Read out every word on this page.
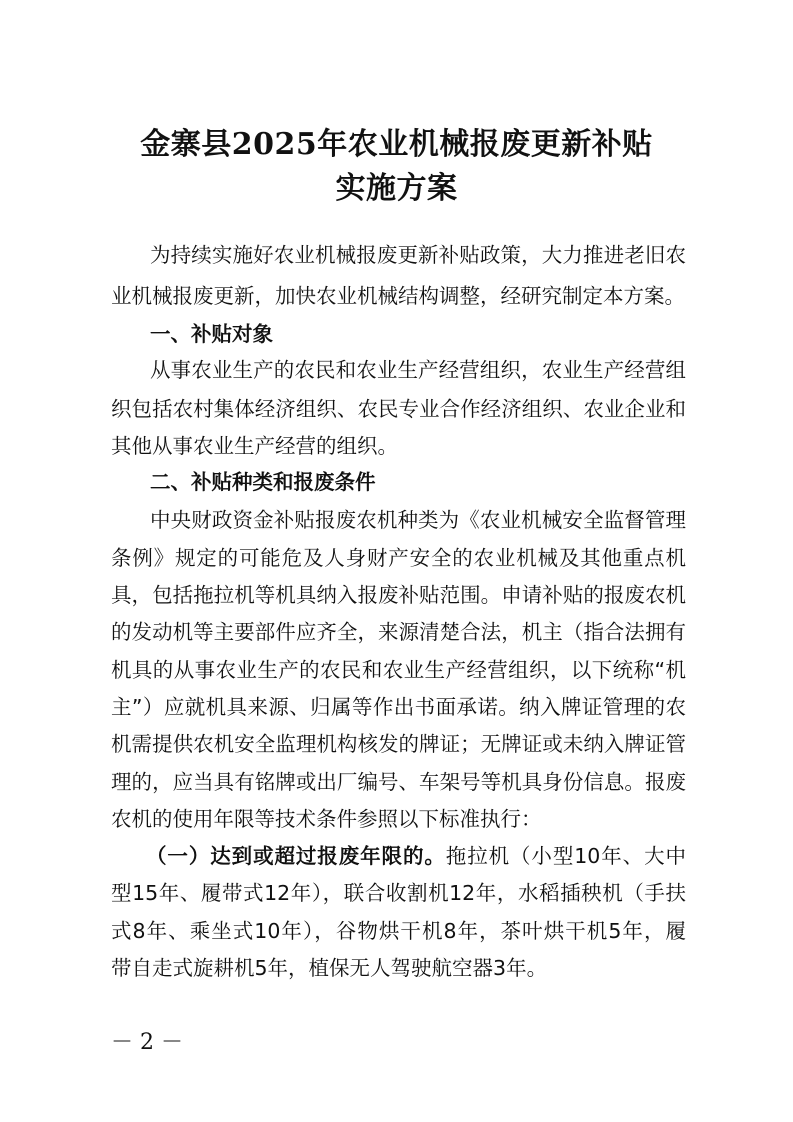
金寨县2025年农业机械报废更新补贴
实施方案

为持续实施好农业机械报废更新补贴政策，大力推进老旧农

业机械报废更新，加快农业机械结构调整，经研究制定本方案。

一、补贴对象

从事农业生产的农民和农业生产经营组织，农业生产经营组

织包括农村集体经济组织、农民专业合作经济组织、农业企业和

其他从事农业生产经营的组织。

二、补贴种类和报废条件

中央财政资金补贴报废农机种类为《农业机械安全监督管理

条例》规定的可能危及人身财产安全的农业机械及其他重点机

具，包括拖拉机等机具纳入报废补贴范围。申请补贴的报废农机

的发动机等主要部件应齐全，来源清楚合法，机主（指合法拥有

机具的从事农业生产的农民和农业生产经营组织，以下统称“机

主”）应就机具来源、归属等作出书面承诺。纳入牌证管理的农

机需提供农机安全监理机构核发的牌证；无牌证或未纳入牌证管

理的，应当具有铭牌或出厂编号、车架号等机具身份信息。报废

农机的使用年限等技术条件参照以下标准执行：

（一）达到或超过报废年限的。拖拉机（小型10年、大中

型15年、履带式12年），联合收割机12年，水稻插秧机（手扶

式8年、乘坐式10年），谷物烘干机8年，茶叶烘干机5年，履

带自走式旋耕机5年，植保无人驾驶航空器3年。

－ 2 －
